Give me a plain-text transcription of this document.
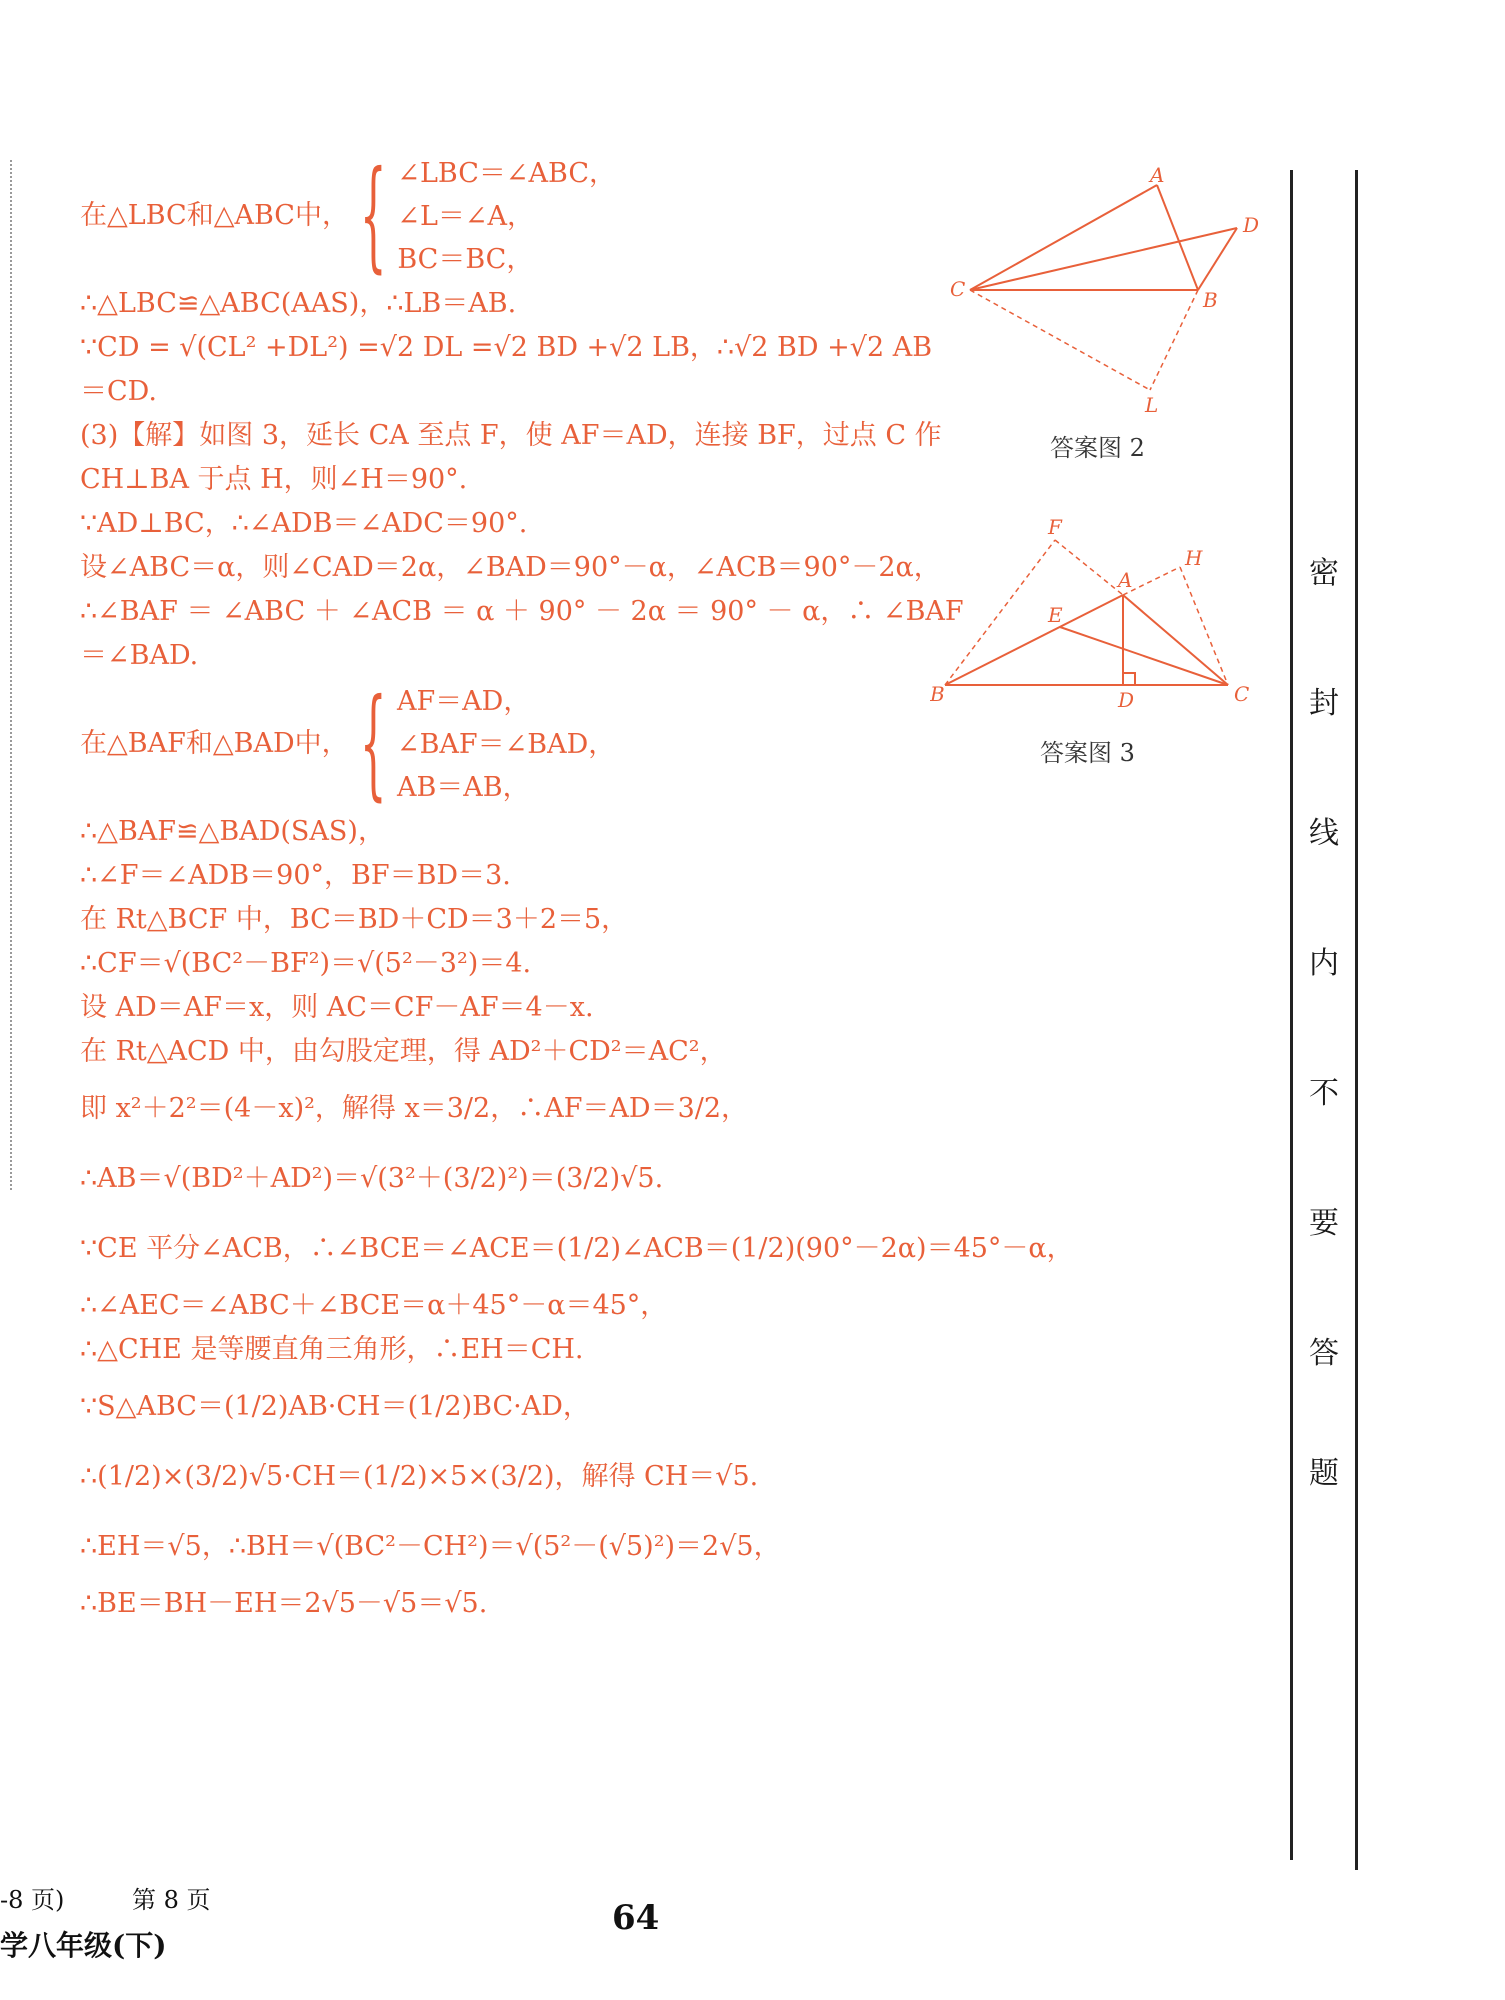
在△LBC和△ABC中， { ∠LBC＝∠ABC，
∠L＝∠A，
BC＝BC，
∴△LBC≌△ABC(AAS)，∴LB＝AB.
∵CD = √(CL² +DL²) =√2 DL =√2 BD +√2 LB，∴√2 BD +√2 AB
＝CD.
(3)【解】如图 3，延长 CA 至点 F，使 AF＝AD，连接 BF，过点 C 作
CH⊥BA 于点 H，则∠H＝90°.
∵AD⊥BC，∴∠ADB＝∠ADC＝90°.
设∠ABC＝α，则∠CAD＝2α，∠BAD＝90°－α，∠ACB＝90°－2α，
∴∠BAF ＝ ∠ABC ＋ ∠ACB ＝ α ＋ 90° － 2α ＝ 90° － α，∴ ∠BAF
＝∠BAD.
在△BAF和△BAD中， { AF＝AD，
∠BAF＝∠BAD，
AB＝AB，
∴△BAF≌△BAD(SAS)，
∴∠F＝∠ADB＝90°，BF＝BD＝3.
在 Rt△BCF 中，BC＝BD＋CD＝3＋2＝5，
∴CF＝√(BC²－BF²)＝√(5²－3²)＝4.
设 AD＝AF＝x，则 AC＝CF－AF＝4－x.
在 Rt△ACD 中，由勾股定理，得 AD²＋CD²＝AC²，
即 x²＋2²＝(4－x)²，解得 x＝3/2，∴AF＝AD＝3/2，
∴AB＝√(BD²＋AD²)＝√(3²＋(3/2)²)＝(3/2)√5.
∵CE 平分∠ACB，∴∠BCE＝∠ACE＝(1/2)∠ACB＝(1/2)(90°－2α)＝45°－α，
∴∠AEC＝∠ABC＋∠BCE＝α＋45°－α＝45°，
∴△CHE 是等腰直角三角形，∴EH＝CH.
∵S△ABC＝(1/2)AB·CH＝(1/2)BC·AD，
∴(1/2)×(3/2)√5·CH＝(1/2)×5×(3/2)，解得 CH＝√5.
∴EH＝√5，∴BH＝√(BC²－CH²)＝√(5²－(√5)²)＝2√5，
∴BE＝BH－EH＝2√5－√5＝√5.
A
D
C	B
L
答案图 2
F
H
A
E
B	D	C
答案图 3
密
封
线
内
不
要
答
题
-8 页)	第 8 页
学八年级(下)
64
